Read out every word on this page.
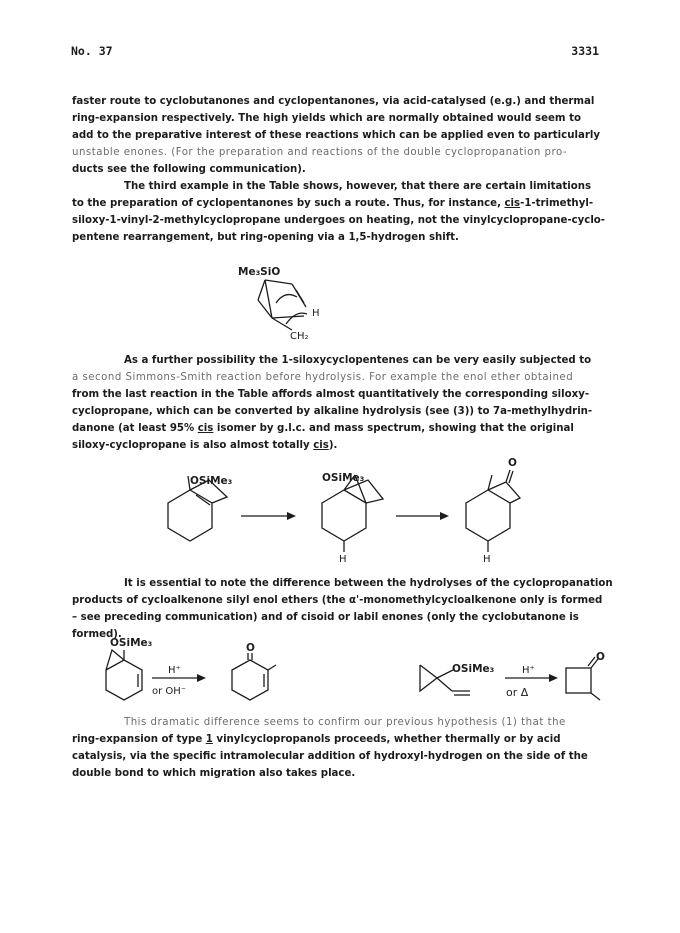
No. 37	3331

faster route to cyclobutanones and cyclopentanones, via acid-catalysed (e.g.) and thermal
ring-expansion respectively. The high yields which are normally obtained would seem to
add to the preparative interest of these reactions which can be applied even to particularly
unstable enones. (For the preparation and reactions of the double cyclopropanation pro-
ducts see the following communication).

The third example in the Table shows, however, that there are certain limitations
to the preparation of cyclopentanones by such a route. Thus, for instance, cis-1-trimethyl-
siloxy-1-vinyl-2-methylcyclopropane undergoes on heating, not the vinylcyclopropane-cyclo-
pentene rearrangement, but ring-opening via a 1,5-hydrogen shift.

Me₃SiO
H
CH₂

As a further possibility the 1-siloxycyclopentenes can be very easily subjected to
a second Simmons-Smith reaction before hydrolysis. For example the enol ether obtained
from the last reaction in the Table affords almost quantitatively the corresponding siloxy-
cyclopropane, which can be converted by alkaline hydrolysis (see (3)) to 7a-methylhydrin-
danone (at least 95% cis isomer by g.l.c. and mass spectrum, showing that the original
siloxy-cyclopropane is also almost totally cis).

OSiMe₃	OSiMe₃
H
O
H

It is essential to note the difference between the hydrolyses of the cyclopropanation
products of cycloalkenone silyl enol ethers (the α'-monomethylcycloalkenone only is formed
– see preceding communication) and of cisoid or labil enones (only the cyclobutanone is
formed).

OSiMe₃
H⁺
or OH⁻
O
OSiMe₃	H⁺
or Δ
O

This dramatic difference seems to confirm our previous hypothesis (1) that the
ring-expansion of type 1 vinylcyclopropanols proceeds, whether thermally or by acid
catalysis, via the specific intramolecular addition of hydroxyl-hydrogen on the side of the
double bond to which migration also takes place.
